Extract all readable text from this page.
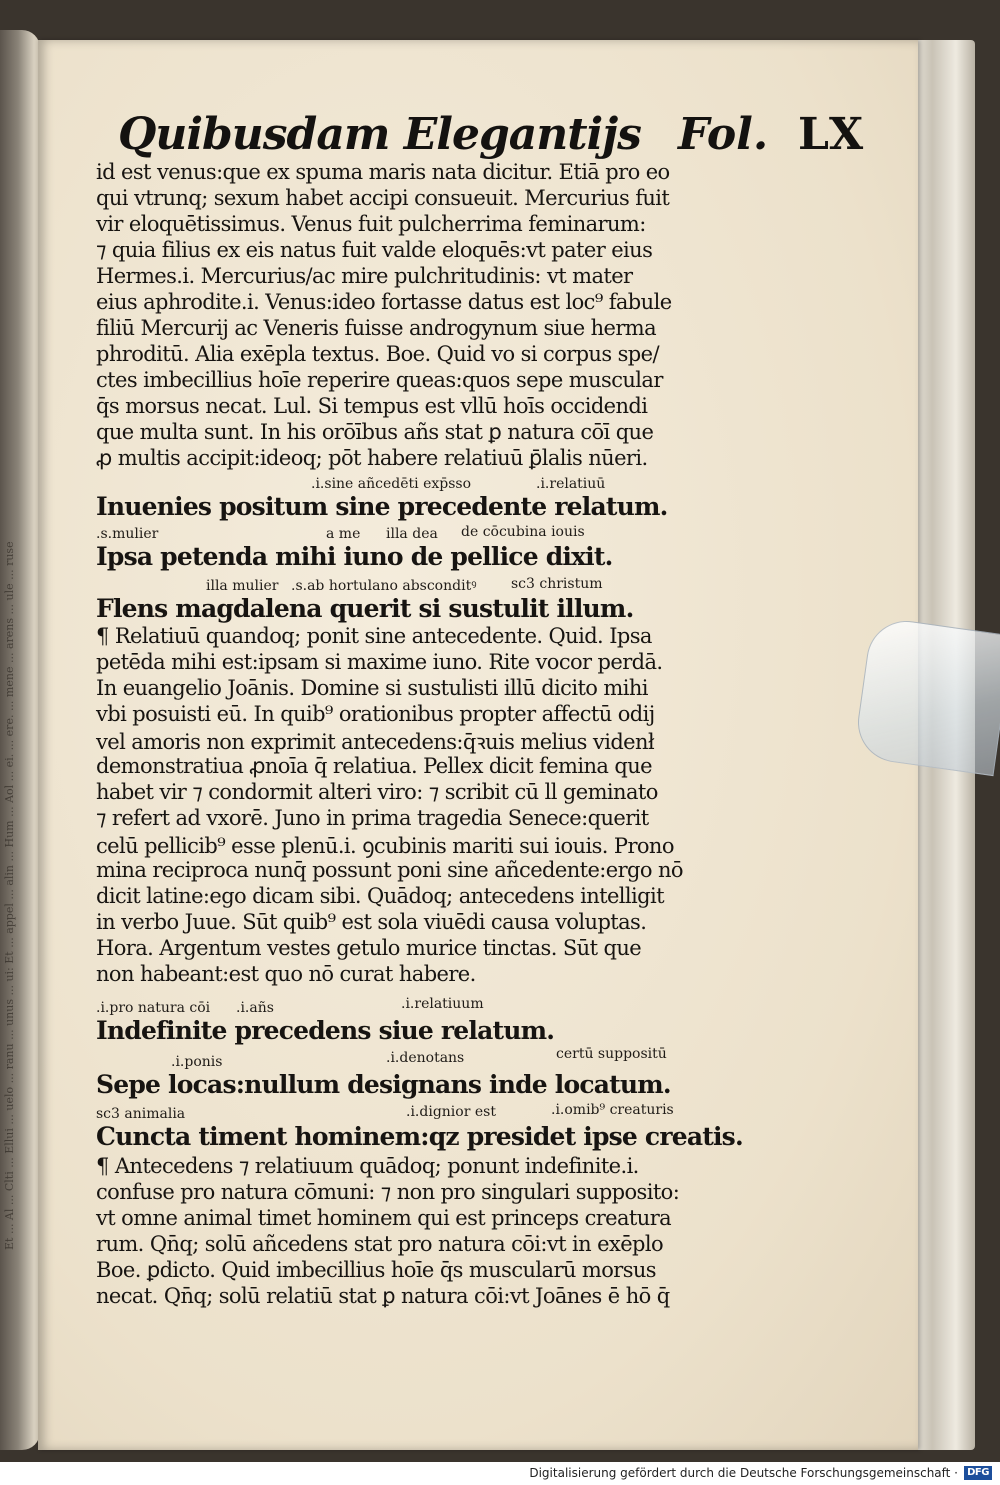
Et ... Al ... Clti ... Ellui ... uelo ... ranu ... unus ... ui: Et ... appel ... alin ... Hum ... Aol ... ei. ... ere. ... mene ... arens ... ule ... ruse
Quibusdam Elegantijs Fol. LX
id est venus:que ex spuma maris nata dicitur. Etiā pro eo
qui vtrunq; sexum habet accipi consueuit. Mercurius fuit
vir eloquētissimus. Venus fuit pulcherrima feminarum:
⁊ quia filius ex eis natus fuit valde eloquēs:vt pater eius
Hermes.i. Mercurius/ac mire pulchritudinis: vt mater
eius aphrodite.i. Venus:ideo fortasse datus est loc⁹ fabule
filiū Mercurij ac Veneris fuisse androgynum siue herma
phroditū. Alia exēpla textus. Boe. Quid vo si corpus spe/
ctes imbecillius hoīe reperire queas:quos sepe muscular
q̄s morsus necat. Lul. Si tempus est vllū hoīs occidendi
que multa sunt. In his orōībus añs stat ꝑ natura cōī que
ꝓ multis accipit:ideoq; pōt habere relatiuū ꝑ̄lalis nūeri.
.i.sine añcedēti exp̄sso	.i.relatiuū
Inuenies positum sine precedente relatum.
.s.mulier	a me illa dea de cōcubina iouis
Ipsa petenda mihi iuno de pellice dixit.
illa mulier .s.ab hortulano absconditꝰ sc3 christum
Flens magdalena querit si sustulit illum.
¶ Relatiuū quandoq; ponit sine antecedente. Quid. Ipsa
petēda mihi est:ipsam si maxime iuno. Rite vocor perdā.
In euangelio Joānis. Domine si sustulisti illū dicito mihi
vbi posuisti eū. In quib⁹ orationibus propter affectū odij
vel amoris non exprimit antecedens:q̄ꝛuis melius videnł
demonstratiua ꝓnoīa q̄ relatiua. Pellex dicit femina que
habet vir ⁊ condormit alteri viro: ⁊ scribit cū ll geminato
⁊ refert ad vxorē. Juno in prima tragedia Senece:querit
celū pellicib⁹ esse plenū.i. ꝯcubinis mariti sui iouis. Prono
mina reciproca nunq̄ possunt poni sine añcedente:ergo nō
dicit latine:ego dicam sibi. Quādoq; antecedens intelligit
in verbo Juue. Sūt quib⁹ est sola viuēdi causa voluptas.
Hora. Argentum vestes getulo murice tinctas. Sūt que
non habeant:est quo nō curat habere.
.i.pro natura cōi .i.añs	.i.relatiuum
Indefinite precedens siue relatum.
.i.ponis	.i.denotans	certū suppositū
Sepe locas:nullum designans inde locatum.
sc3 animalia	.i.dignior est	.i.omib⁹ creaturis
Cuncta timent hominem:qz presidet ipse creatis.
¶ Antecedens ⁊ relatiuum quādoq; ponunt indefinite.i.
confuse pro natura cōmuni: ⁊ non pro singulari supposito:
vt omne animal timet hominem qui est princeps creatura
rum. Qn̄q; solū añcedens stat pro natura cōi:vt in exēplo
Boe. ꝑdicto. Quid imbecillius hoīe q̄s muscularū morsus
necat. Qn̄q; solū relatiū stat ꝑ natura cōi:vt Joānes ē hō q̄
Digitalisierung gefördert durch die Deutsche Forschungsgemeinschaft · DFG
